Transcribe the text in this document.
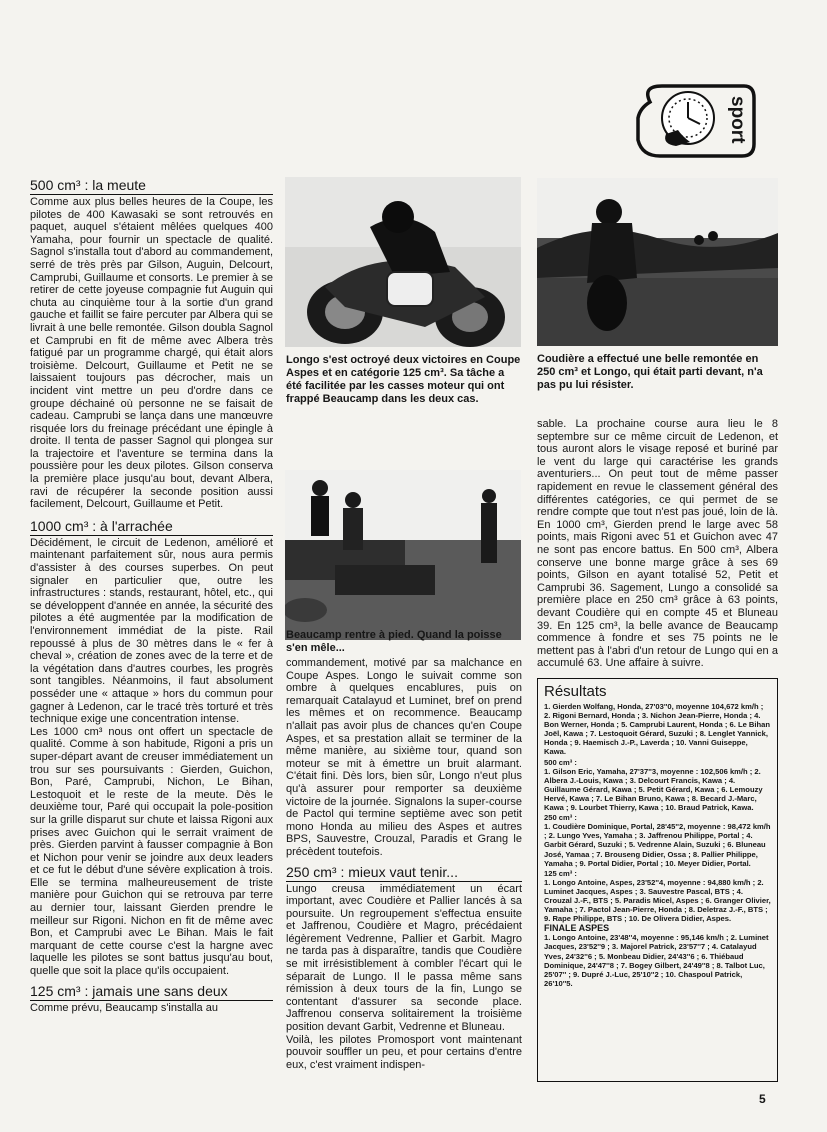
sport
500 cm³ : la meute

Comme aux plus belles heures de la Coupe, les pilotes de 400 Kawasaki se sont retrouvés en paquet, auquel s'étaient mêlées quelques 400 Yamaha, pour fournir un spectacle de qualité. Sagnol s'installa tout d'abord au commandement, serré de très près par Gilson, Auguin, Delcourt, Camprubi, Guillaume et consorts. Le premier à se retirer de cette joyeuse compagnie fut Auguin qui chuta au cinquième tour à la sortie d'un grand gauche et faillit se faire percuter par Albera qui se livrait à une belle remontée. Gilson doubla Sagnol et Camprubi en fit de même avec Albera très fatigué par un programme chargé, qui était alors troisième. Delcourt, Guillaume et Petit ne se laissaient toujours pas décrocher, mais un incident vint mettre un peu d'ordre dans ce groupe déchainé où personne ne se faisait de cadeau. Camprubi se lança dans une manœuvre risquée lors du freinage précédant une épingle à droite. Il tenta de passer Sagnol qui plongea sur la trajectoire et l'aventure se termina dans la poussière pour les deux pilotes. Gilson conserva la première place jusqu'au bout, devant Albera, ravi de récupérer la seconde position aussi facilement, Delcourt, Guillaume et Petit.

1000 cm³ : à l'arrachée

Décidément, le circuit de Ledenon, amélioré et maintenant parfaitement sûr, nous aura permis d'assister à des courses superbes. On peut signaler en particulier que, outre les infrastructures : stands, restaurant, hôtel, etc., qui se développent d'année en année, la sécurité des pilotes a été augmentée par la modification de l'environnement immédiat de la piste. Rail repoussé à plus de 30 mètres dans le « fer à cheval », création de zones avec de la terre et de la végétation dans d'autres courbes, les progrès sont tangibles. Néanmoins, il faut absolument posséder une « attaque » hors du commun pour gagner à Ledenon, car le tracé très torturé et très technique exige une concentration intense.

Les 1000 cm³ nous ont offert un spectacle de qualité. Comme à son habitude, Rigoni a pris un super-départ avant de creuser immédiatement un trou sur ses poursuivants : Gierden, Guichon, Bon, Paré, Camprubi, Nichon, Le Bihan, Lestoquoit et le reste de la meute. Dès le deuxième tour, Paré qui occupait la pole-position sur la grille disparut sur chute et laissa Rigoni aux prises avec Guichon qui le serrait vraiment de près. Gierden parvint à fausser compagnie à Bon et Nichon pour venir se joindre aux deux leaders et ce fut le début d'une sévère explication à trois. Elle se termina malheureusement de triste manière pour Guichon qui se retrouva par terre au dernier tour, laissant Gierden prendre le meilleur sur Rigoni. Nichon en fit de même avec Bon, et Camprubi avec Le Bihan. Mais le fait marquant de cette course c'est la hargne avec laquelle les pilotes se sont battus jusqu'au bout, quelle que soit la place qu'ils occupaient.

125 cm³ : jamais une sans deux

Comme prévu, Beaucamp s'installa au

Longo s'est octroyé deux victoires en Coupe Aspes et en catégorie 125 cm³. Sa tâche a été facilitée par les casses moteur qui ont frappé Beaucamp dans les deux cas.
Beaucamp rentre à pied. Quand la poisse s'en mêle...

commandement, motivé par sa malchance en Coupe Aspes. Longo le suivait comme son ombre à quelques encablures, puis on remarquait Catalayud et Luminet, bref on prend les mêmes et on recommence. Beaucamp n'allait pas avoir plus de chances qu'en Coupe Aspes, et sa prestation allait se terminer de la même manière, au sixième tour, quand son moteur se mit à émettre un bruit alarmant. C'était fini. Dès lors, bien sûr, Longo n'eut plus qu'à assurer pour remporter sa deuxième victoire de la journée. Signalons la super-course de Pactol qui termine septième avec son petit mono Honda au milieu des Aspes et autres BPS, Sauvestre, Crouzal, Paradis et Grang le précèdent toutefois.

250 cm³ : mieux vaut tenir...

Lungo creusa immédiatement un écart important, avec Coudière et Pallier lancés à sa poursuite. Un regroupement s'effectua ensuite et Jaffrenou, Coudière et Magro, précédaient légèrement Vedrenne, Pallier et Garbit. Magro ne tarda pas à disparaître, tandis que Coudière se mit irrésistiblement à combler l'écart qui le séparait de Lungo. Il le passa même sans rémission à deux tours de la fin, Lungo se contentant d'assurer sa seconde place. Jaffrenou conserva solitairement la troisième position devant Garbit, Vedrenne et Bluneau.

Voilà, les pilotes Promosport vont maintenant pouvoir souffler un peu, et pour certains d'entre eux, c'est vraiment indispen-

Coudière a effectué une belle remontée en 250 cm³ et Longo, qui était parti devant, n'a pas pu lui résister.

sable. La prochaine course aura lieu le 8 septembre sur ce même circuit de Ledenon, et tous auront alors le visage reposé et buriné par le vent du large qui caractérise les grands aventuriers... On peut tout de même passer rapidement en revue le classement général des différentes catégories, ce qui permet de se rendre compte que tout n'est pas joué, loin de là. En 1000 cm³, Gierden prend le large avec 58 points, mais Rigoni avec 51 et Guichon avec 47 ne sont pas encore battus. En 500 cm³, Albera conserve une bonne marge grâce à ses 69 points, Gilson en ayant totalisé 52, Petit et Camprubi 36. Sagement, Lungo a consolidé sa première place en 250 cm³ grâce à 63 points, devant Coudière qui en compte 45 et Bluneau 39. En 125 cm³, la belle avance de Beaucamp commence à fondre et ses 75 points ne le mettent pas à l'abri d'un retour de Lungo qui en a accumulé 63. Une affaire à suivre.

Résultats
1. Gierden Wolfang, Honda, 27'03''0, moyenne 104,672 km/h ; 2. Rigoni Bernard, Honda ; 3. Nichon Jean-Pierre, Honda ; 4. Bon Werner, Honda ; 5. Camprubi Laurent, Honda ; 6. Le Bihan Joël, Kawa ; 7. Lestoquoit Gérard, Suzuki ; 8. Lenglet Yannick, Honda ; 9. Haemisch J.-P., Laverda ; 10. Vanni Guiseppe, Kawa.
500 cm³ :
1. Gilson Eric, Yamaha, 27'37''3, moyenne : 102,506 km/h ; 2. Albera J.-Louis, Kawa ; 3. Delcourt Francis, Kawa ; 4. Guillaume Gérard, Kawa ; 5. Petit Gérard, Kawa ; 6. Lemouzy Hervé, Kawa ; 7. Le Bihan Bruno, Kawa ; 8. Becard J.-Marc, Kawa ; 9. Lourbet Thierry, Kawa ; 10. Braud Patrick, Kawa.
250 cm³ :
1. Coudière Dominique, Portal, 28'45''2, moyenne : 98,472 km/h ; 2. Lungo Yves, Yamaha ; 3. Jaffrenou Philippe, Portal ; 4. Garbit Gérard, Suzuki ; 5. Vedrenne Alain, Suzuki ; 6. Bluneau José, Yamaa ; 7. Brouseng Didier, Ossa ; 8. Pallier Philippe, Yamaha ; 9. Portal Didier, Portal ; 10. Meyer Didier, Portal.
125 cm³ :
1. Longo Antoine, Aspes, 23'52''4, moyenne : 94,880 km/h ; 2. Luminet Jacques, Aspes ; 3. Sauvestre Pascal, BTS ; 4. Crouzal J.-F., BTS ; 5. Paradis Micel, Aspes ; 6. Granger Olivier, Yamaha ; 7. Pactol Jean-Pierre, Honda ; 8. Deletraz J.-F., BTS ; 9. Rape Philippe, BTS ; 10. De Olivera Didier, Aspes.
FINALE ASPES
1. Longo Antoine, 23'48''4, moyenne : 95,146 km/h ; 2. Luminet Jacques, 23'52''9 ; 3. Majorel Patrick, 23'57''7 ; 4. Catalayud Yves, 24'32''6 ; 5. Monbeau Didier, 24'43''6 ; 6. Thiébaud Dominique, 24'47''8 ; 7. Bogey Gilbert, 24'49''8 ; 8. Talbot Luc, 25'07'' ; 9. Dupré J.-Luc, 25'10''2 ; 10. Chaspoul Patrick, 26'10''5.
5
